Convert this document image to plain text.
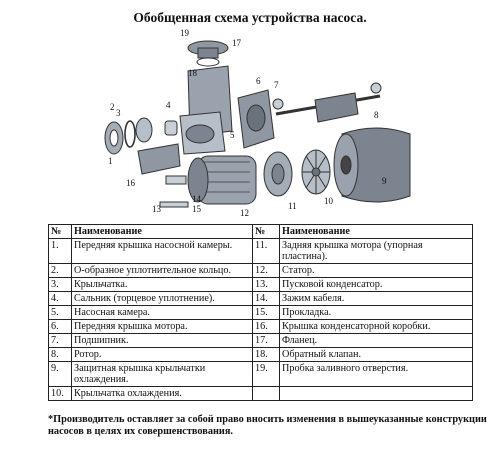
Обобщенная схема устройства насоса.
1
2
3
4
5
6 7
8
9
10
11
12
13
14
15
16
17
18
19
№	Наименование	№	Наименование
1.	Передняя крышка насосной камеры.	11.	Задняя крышка мотора (упорная пластина).
2.	О-образное уплотнительное кольцо.	12.	Статор.
3.	Крыльчатка.	13.	Пусковой конденсатор.
4.	Сальник (торцевое уплотнение).	14.	Зажим кабеля.
5.	Насосная камера.	15.	Прокладка.
6.	Передняя крышка мотора.	16.	Крышка конденсаторной коробки.
7.	Подшипник.	17.	Фланец.
8.	Ротор.	18.	Обратный клапан.
9.	Защитная крышка крыльчатки охлаждения.	19.	Пробка заливного отверстия.
10.	Крыльчатка охлаждения.		
*Производитель оставляет за собой право вносить изменения в вышеуказанные конструкции насосов в целях их совершенствования.
